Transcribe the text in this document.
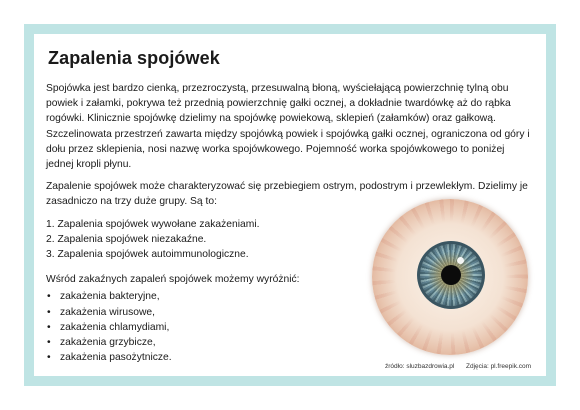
Zapalenia spojówek

Spojówka jest bardzo cienką, przezroczystą, przesuwalną błoną, wyściełającą powierzchnię tylną obu powiek i załamki, pokrywa też przednią powierzchnię gałki ocznej, a dokładnie twardówkę aż do rąbka rogówki. Klinicznie spojówkę dzielimy na spojówkę powiekową, sklepień (załamków) oraz gałkową. Szczelinowata przestrzeń zawarta między spojówką powiek i spojówką gałki ocznej, ograniczona od góry i dołu przez sklepienia, nosi nazwę worka spojówkowego. Pojemność worka spojówkowego to poniżej jednej kropli płynu.

Zapalenie spojówek może charakteryzować się przebiegiem ostrym, podostrym i przewlekłym. Dzielimy je zasadniczo na trzy duże grupy. Są to:

1. Zapalenia spojówek wywołane zakażeniami.
2. Zapalenia spojówek niezakaźne.
3. Zapalenia spojówek autoimmunologiczne.

Wśród zakaźnych zapaleń spojówek możemy wyróżnić:

• zakażenia bakteryjne,
• zakażenia wirusowe,
• zakażenia chlamydiami,
• zakażenia grzybicze,
• zakażenia pasożytnicze.
źródło: sluzbazdrowia.pl Zdjęcia: pl.freepik.com
